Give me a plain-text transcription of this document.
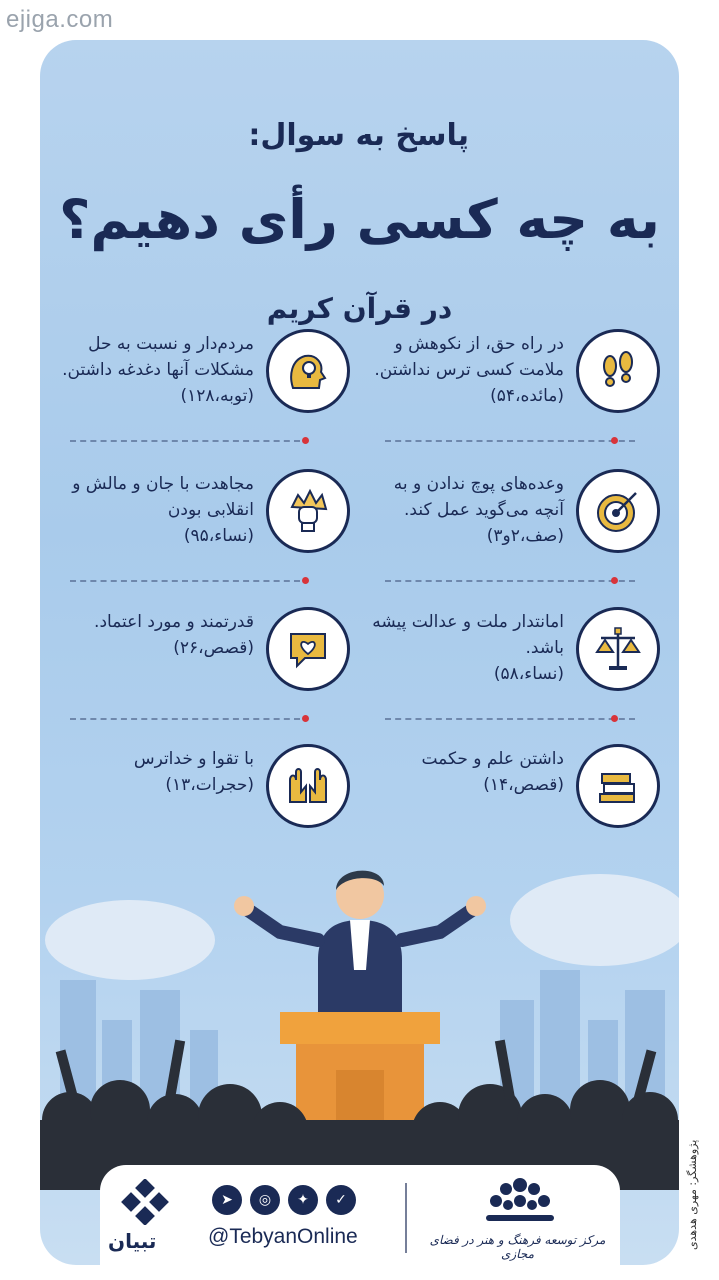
ejiga.com
پاسخ به سوال:
به چه کسی رأی دهیم؟
در قرآن کریم
در راه حق، از نکوهش و ملامت کسی ترس نداشتن.
(مائده،۵۴)
مردم‌دار و نسبت به حل مشکلات آنها دغدغه داشتن.
(توبه،۱۲۸)
وعده‌های پوچ ندادن و به آنچه می‌گوید عمل کند.
(صف،۲و۳)
مجاهدت با جان و مالش و انقلابی بودن
(نساء،۹۵)
امانتدار ملت و عدالت پیشه باشد.
(نساء،۵۸)
قدرتمند و مورد اعتماد.
(قصص،۲۶)
داشتن علم و حکمت
(قصص،۱۴)
با تقوا و خداترس
(حجرات،۱۳)
تبیان
➤	◎	✦	✓
@TebyanOnline	مرکز توسعه فرهنگ و هنر در فضای مجازی
پژوهشگر: مهری هدهدی
